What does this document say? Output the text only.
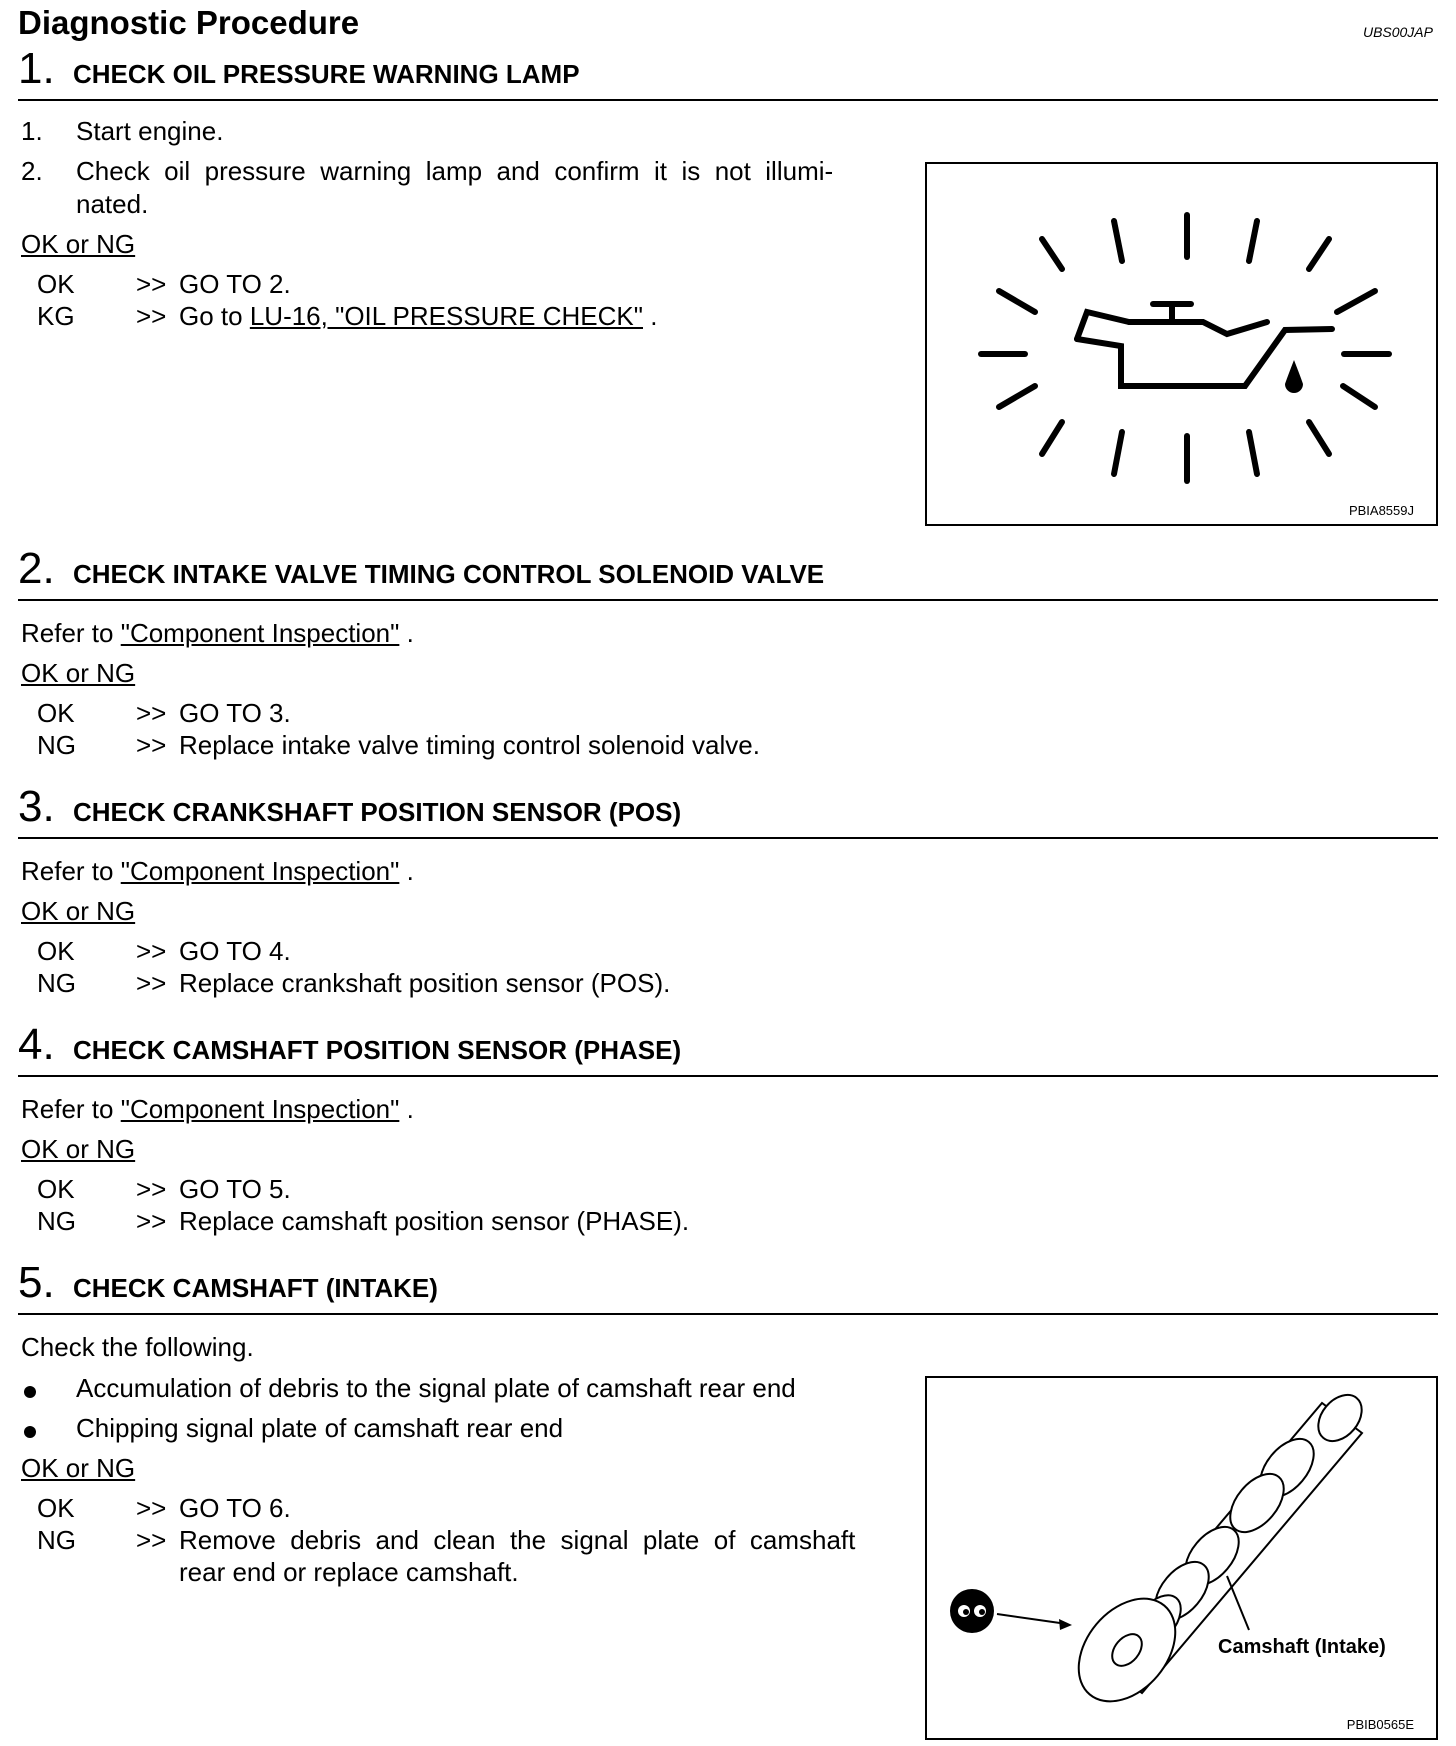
Diagnostic Procedure	UBS00JAP
1. CHECK OIL PRESSURE WARNING LAMP
1. Start engine.
2. Check  oil  pressure  warning  lamp  and  confirm  it  is  not  illumi-
nated.
OK or NG
OK >> GO TO 2.
KG >> Go to LU-16, "OIL PRESSURE CHECK" .
PBIA8559J
2. CHECK INTAKE VALVE TIMING CONTROL SOLENOID VALVE
Refer to "Component Inspection" .
OK or NG
OK >> GO TO 3.
NG >> Replace intake valve timing control solenoid valve.
3. CHECK CRANKSHAFT POSITION SENSOR (POS)
Refer to "Component Inspection" .
OK or NG
OK >> GO TO 4.
NG >> Replace crankshaft position sensor (POS).
4. CHECK CAMSHAFT POSITION SENSOR (PHASE)
Refer to "Component Inspection" .
OK or NG
OK >> GO TO 5.
NG >> Replace camshaft position sensor (PHASE).
5. CHECK CAMSHAFT (INTAKE)
Check the following.
Accumulation of debris to the signal plate of camshaft rear end
Chipping signal plate of camshaft rear end
OK or NG
OK >> GO TO 6.
NG >> Remove  debris  and  clean  the  signal  plate  of  camshaft
rear end or replace camshaft.
Camshaft (Intake)
PBIB0565E
